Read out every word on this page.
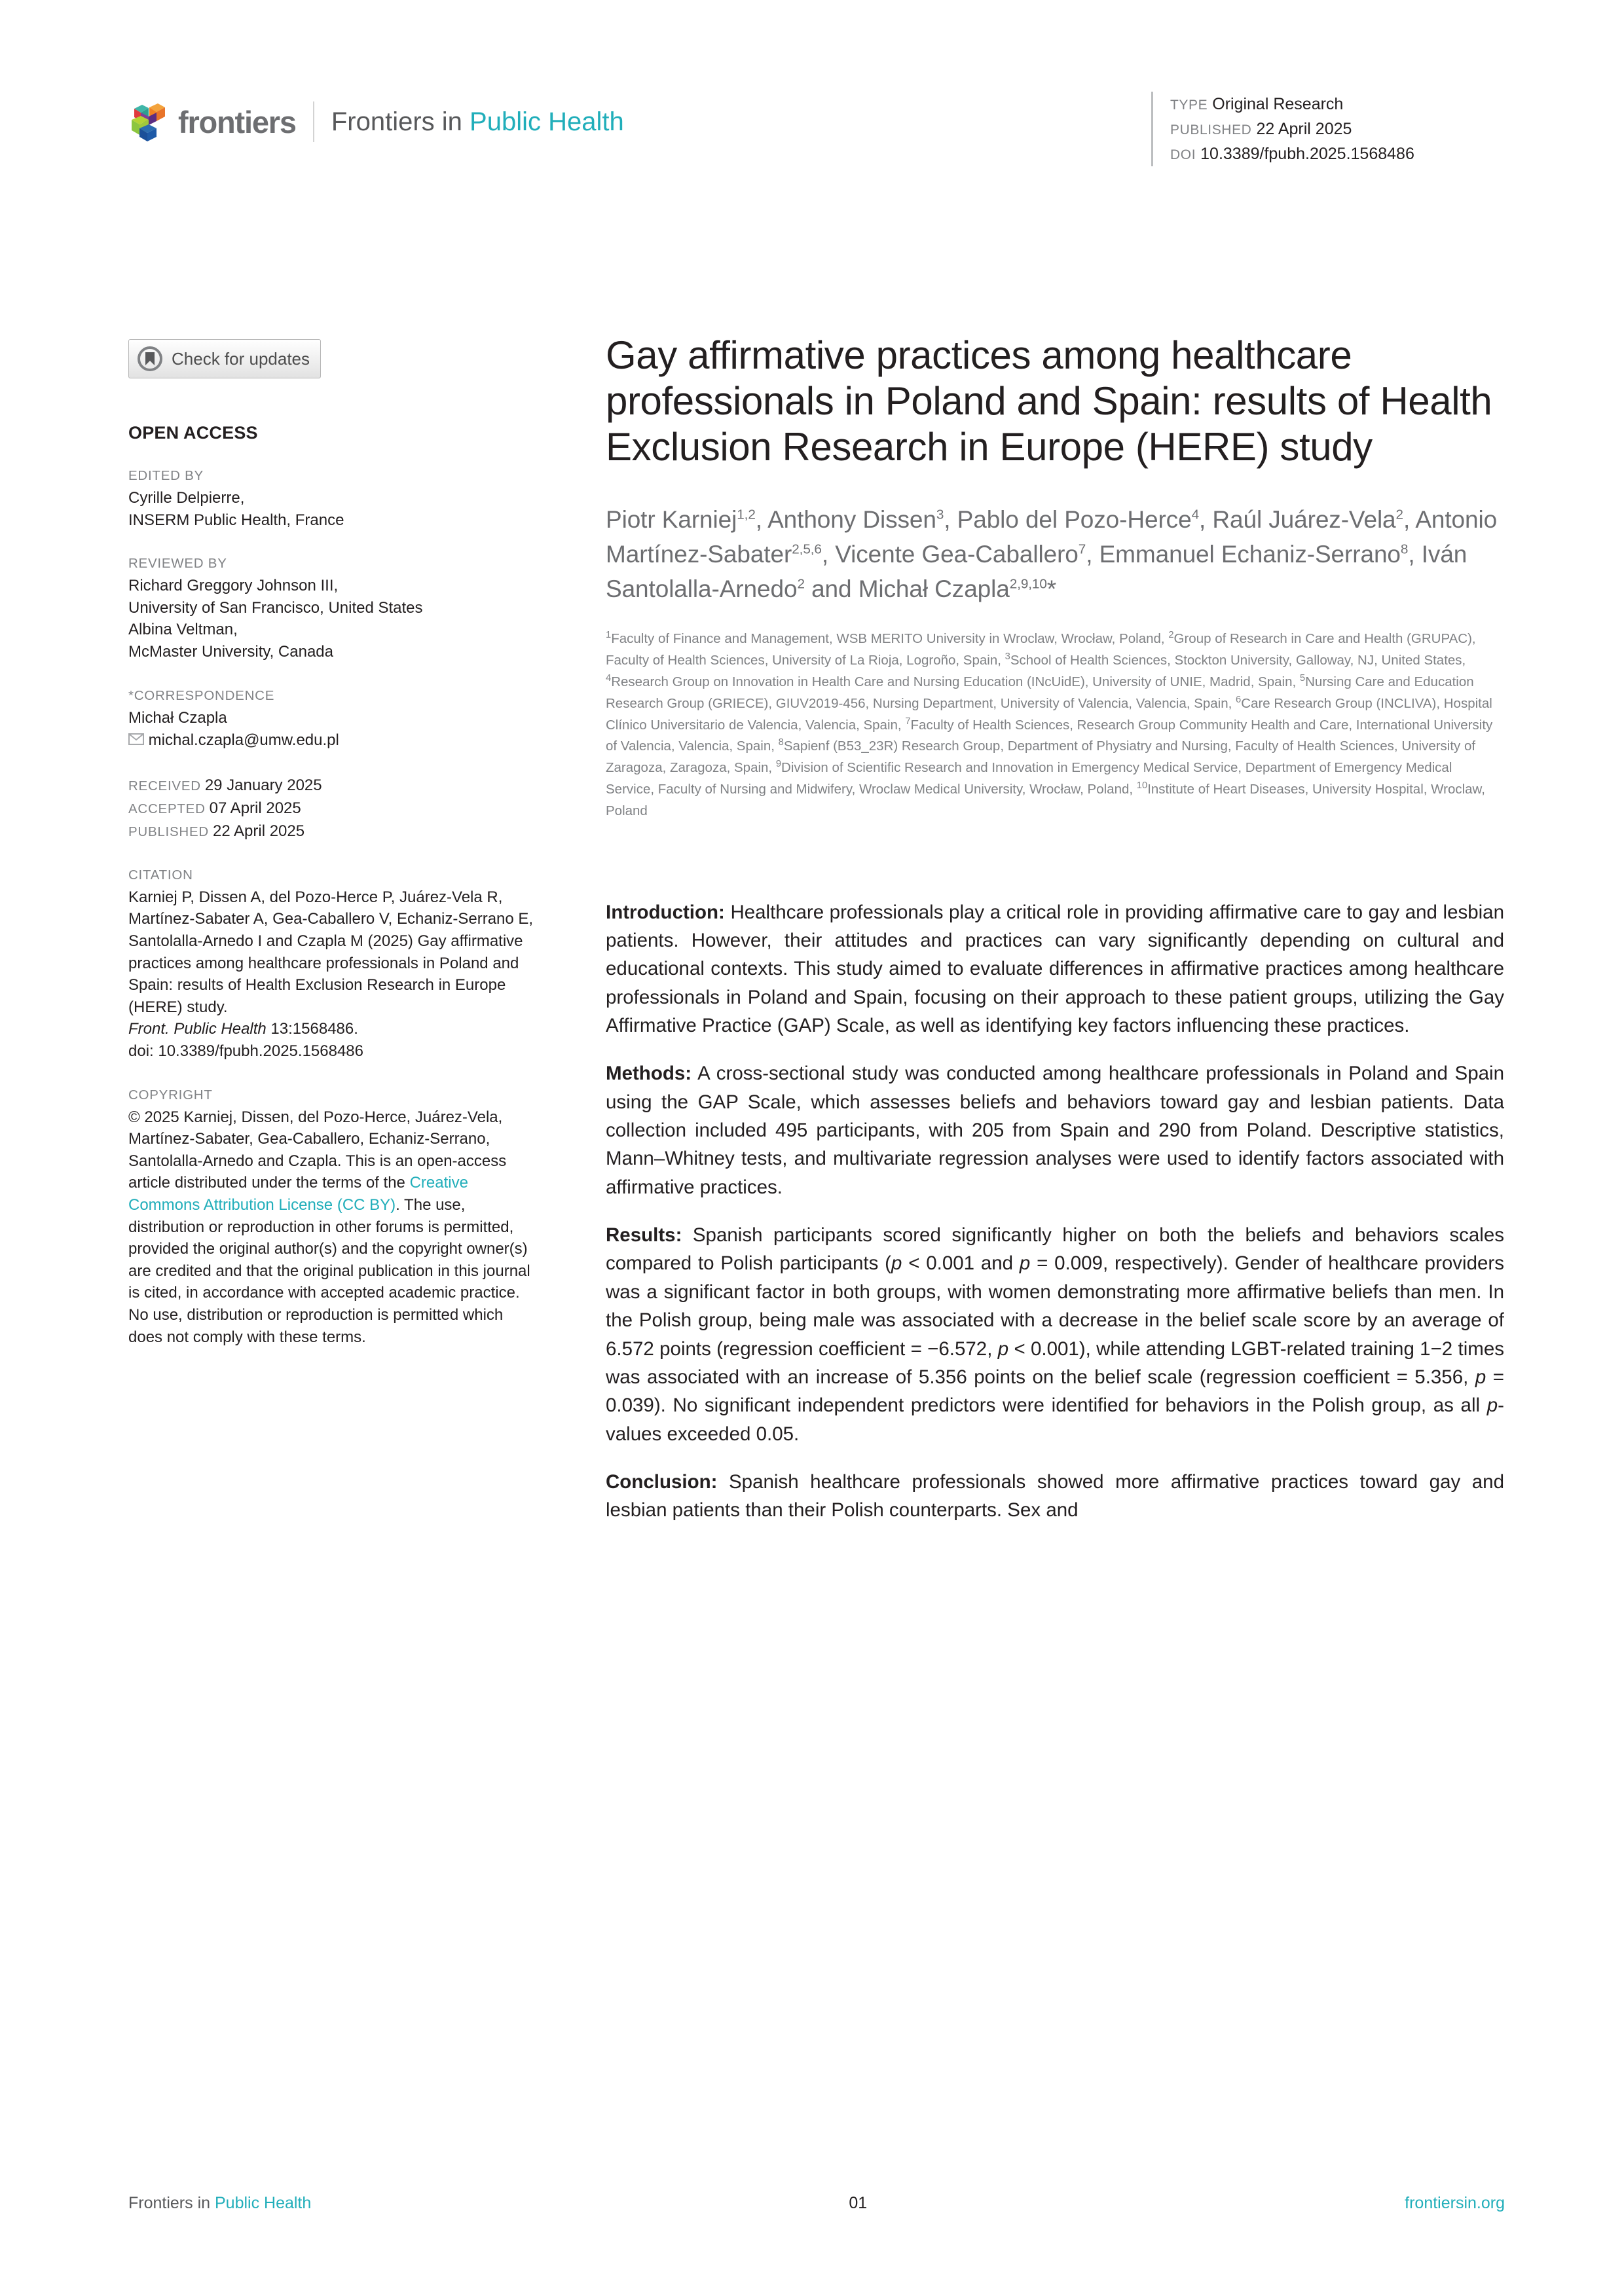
frontiers Frontiers in Public Health
TYPE Original Research
PUBLISHED 22 April 2025
DOI 10.3389/fpubh.2025.1568486
Check for updates
OPEN ACCESS
EDITED BY
Cyrille Delpierre,
INSERM Public Health, France
REVIEWED BY
Richard Greggory Johnson III,
University of San Francisco, United States
Albina Veltman,
McMaster University, Canada
*CORRESPONDENCE
Michał Czapla
michal.czapla@umw.edu.pl
RECEIVED 29 January 2025
ACCEPTED 07 April 2025
PUBLISHED 22 April 2025
CITATION
Karniej P, Dissen A, del Pozo-Herce P, Juárez-Vela R, Martínez-Sabater A, Gea-Caballero V, Echaniz-Serrano E, Santolalla-Arnedo I and Czapla M (2025) Gay affirmative practices among healthcare professionals in Poland and Spain: results of Health Exclusion Research in Europe (HERE) study.
Front. Public Health 13:1568486.
doi: 10.3389/fpubh.2025.1568486
COPYRIGHT
© 2025 Karniej, Dissen, del Pozo-Herce, Juárez-Vela, Martínez-Sabater, Gea-Caballero, Echaniz-Serrano, Santolalla-Arnedo and Czapla. This is an open-access article distributed under the terms of the Creative Commons Attribution License (CC BY). The use, distribution or reproduction in other forums is permitted, provided the original author(s) and the copyright owner(s) are credited and that the original publication in this journal is cited, in accordance with accepted academic practice. No use, distribution or reproduction is permitted which does not comply with these terms.
Gay affirmative practices among healthcare professionals in Poland and Spain: results of Health Exclusion Research in Europe (HERE) study
Piotr Karniej$^{1,2}$, Anthony Dissen$^3$, Pablo del Pozo-Herce$^4$, Raúl Juárez-Vela$^2$, Antonio Martínez-Sabater$^{2,5,6}$, Vicente Gea-Caballero$^7$, Emmanuel Echaniz-Serrano$^8$, Iván Santolalla-Arnedo$^2$ and Michał Czapla$^{2,9,10}$*
$^1$Faculty of Finance and Management, WSB MERITO University in Wroclaw, Wrocław, Poland, $^2$Group of Research in Care and Health (GRUPAC), Faculty of Health Sciences, University of La Rioja, Logroño, Spain, $^3$School of Health Sciences, Stockton University, Galloway, NJ, United States, $^4$Research Group on Innovation in Health Care and Nursing Education (INcUidE), University of UNIE, Madrid, Spain, $^5$Nursing Care and Education Research Group (GRIECE), GIUV2019-456, Nursing Department, University of Valencia, Valencia, Spain, $^6$Care Research Group (INCLIVA), Hospital Clínico Universitario de Valencia, Valencia, Spain, $^7$Faculty of Health Sciences, Research Group Community Health and Care, International University of Valencia, Valencia, Spain, $^8$Sapienf (B53_23R) Research Group, Department of Physiatry and Nursing, Faculty of Health Sciences, University of Zaragoza, Zaragoza, Spain, $^9$Division of Scientific Research and Innovation in Emergency Medical Service, Department of Emergency Medical Service, Faculty of Nursing and Midwifery, Wroclaw Medical University, Wrocław, Poland, $^{10}$Institute of Heart Diseases, University Hospital, Wroclaw, Poland

Introduction: Healthcare professionals play a critical role in providing affirmative care to gay and lesbian patients. However, their attitudes and practices can vary significantly depending on cultural and educational contexts. This study aimed to evaluate differences in affirmative practices among healthcare professionals in Poland and Spain, focusing on their approach to these patient groups, utilizing the Gay Affirmative Practice (GAP) Scale, as well as identifying key factors influencing these practices.

Methods: A cross-sectional study was conducted among healthcare professionals in Poland and Spain using the GAP Scale, which assesses beliefs and behaviors toward gay and lesbian patients. Data collection included 495 participants, with 205 from Spain and 290 from Poland. Descriptive statistics, Mann–Whitney tests, and multivariate regression analyses were used to identify factors associated with affirmative practices.

Results: Spanish participants scored significantly higher on both the beliefs and behaviors scales compared to Polish participants (p < 0.001 and p = 0.009, respectively). Gender of healthcare providers was a significant factor in both groups, with women demonstrating more affirmative beliefs than men. In the Polish group, being male was associated with a decrease in the belief scale score by an average of 6.572 points (regression coefficient = −6.572, p < 0.001), while attending LGBT-related training 1−2 times was associated with an increase of 5.356 points on the belief scale (regression coefficient = 5.356, p = 0.039). No significant independent predictors were identified for behaviors in the Polish group, as all p-values exceeded 0.05.

Conclusion: Spanish healthcare professionals showed more affirmative practices toward gay and lesbian patients than their Polish counterparts. Sex and

Frontiers in Public Health	01	frontiersin.org
